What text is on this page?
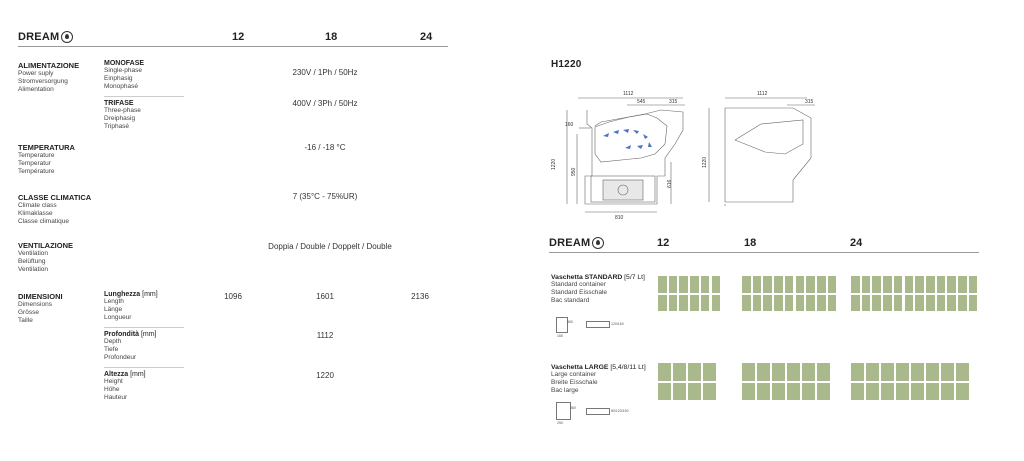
DREAM	12	18	24
ALIMENTAZIONE
Power suply
Stromversorgung
Alimentation
MONOFASE
Single-phase
Einphasig
Monophasé
230V / 1Ph / 50Hz
TRIFASE
Three-phase
Dreiphasig
Triphasé
400V / 3Ph / 50Hz
TEMPERATURA
Temperature
Temperatur
Température
-16 / -18 °C
CLASSE CLIMATICA
Climate class
Klimaklasse
Classe climatique
7 (35°C - 75%UR)
VENTILAZIONE
Ventilation
Belüftung
Ventilation
Doppia / Double / Doppelt / Double
DIMENSIONI
Dimensions
Grösse
Taille
Lunghezza [mm]
Length
Länge
Longueur
1096	1601	2136
Profondità [mm]
Depth
Tiefe
Profondeur
1112
Altezza [mm]
Height
Höhe
Hauteur
1220
H1220
1112
545	315
160
1220
950
616
810
1112
315
1220
DREAM	12	18	24
Vaschetta STANDARD [5/7 Lt]
Standard container
Standard Eisschale
Bac standard
360
165
120/160
Vaschetta LARGE [5,4/8/11 Lt]
Large container
Breite Eisschale
Bac large
360
250
80/120/150
